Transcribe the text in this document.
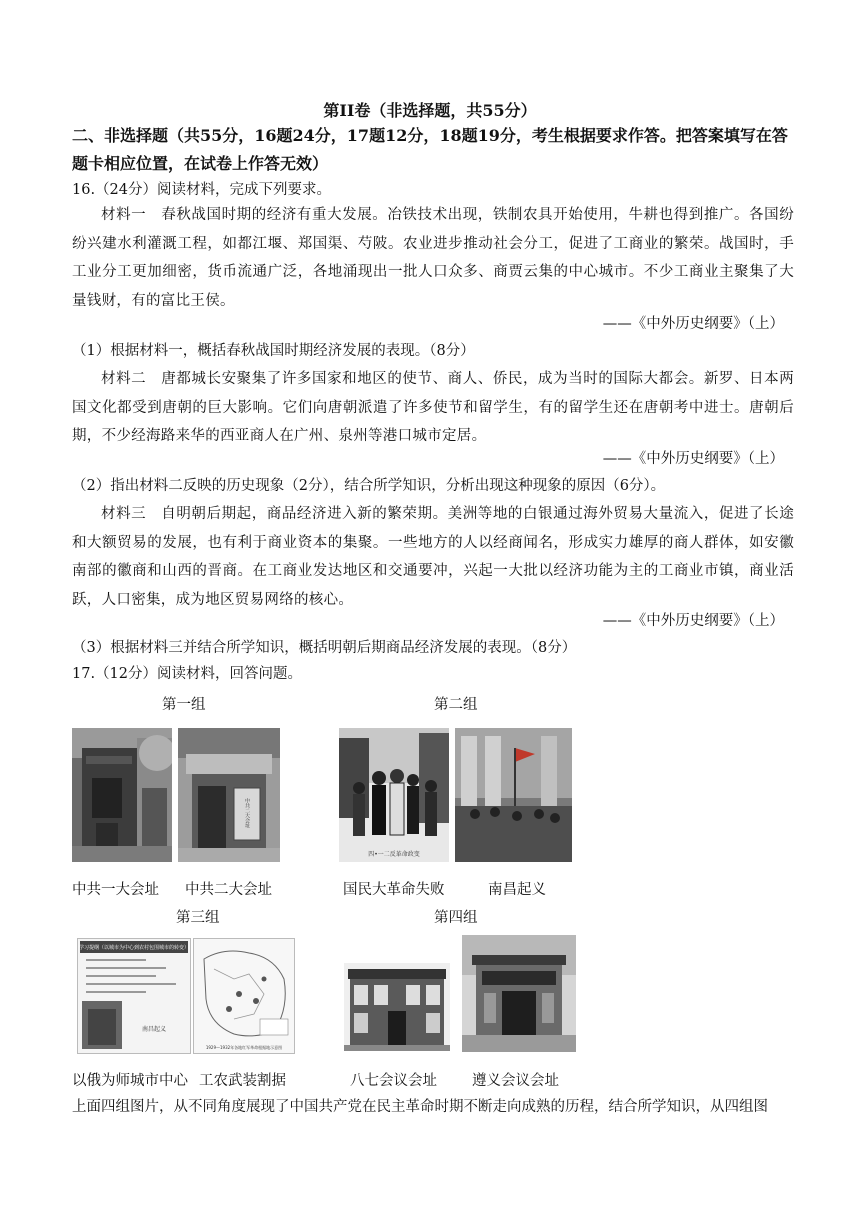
第II卷（非选择题，共55分）
二、非选择题（共55分，16题24分，17题12分，18题19分，考生根据要求作答。把答案填写在答题卡相应位置，在试卷上作答无效）
16.（24分）阅读材料，完成下列要求。
材料一　春秋战国时期的经济有重大发展。冶铁技术出现，铁制农具开始使用，牛耕也得到推广。各国纷纷兴建水利灌溉工程，如都江堰、郑国渠、芍陂。农业进步推动社会分工，促进了工商业的繁荣。战国时，手工业分工更加细密，货币流通广泛，各地涌现出一批人口众多、商贾云集的中心城市。不少工商业主聚集了大量钱财，有的富比王侯。
——《中外历史纲要》（上）
（1）根据材料一，概括春秋战国时期经济发展的表现。（8分）
材料二　唐都城长安聚集了许多国家和地区的使节、商人、侨民，成为当时的国际大都会。新罗、日本两国文化都受到唐朝的巨大影响。它们向唐朝派遣了许多使节和留学生，有的留学生还在唐朝考中进士。唐朝后期，不少经海路来华的西亚商人在广州、泉州等港口城市定居。
——《中外历史纲要》（上）
（2）指出材料二反映的历史现象（2分），结合所学知识，分析出现这种现象的原因（6分）。
材料三　自明朝后期起，商品经济进入新的繁荣期。美洲等地的白银通过海外贸易大量流入，促进了长途和大额贸易的发展，也有利于商业资本的集聚。一些地方的人以经商闻名，形成实力雄厚的商人群体，如安徽南部的徽商和山西的晋商。在工商业发达地区和交通要冲，兴起一大批以经济功能为主的工商业市镇，商业活跃，人口密集，成为地区贸易网络的核心。
——《中外历史纲要》（上）
（3）根据材料三并结合所学知识，概括明朝后期商品经济发展的表现。（8分）
17.（12分）阅读材料，回答问题。
第一组	第二组
中共二大会址
四•一二反革命政变
中共一大会址 中共二大会址	国民大革命失败	南昌起义
第三组	第四组
学习提纲（以城市为中心到农村包围城市的转变）
南昌起义
1929—1932年各地红军革命根据地示意图
以俄为师城市中心 工农武装割据	八七会议会址 遵义会议会址
上面四组图片，从不同角度展现了中国共产党在民主革命时期不断走向成熟的历程，结合所学知识，从四组图
